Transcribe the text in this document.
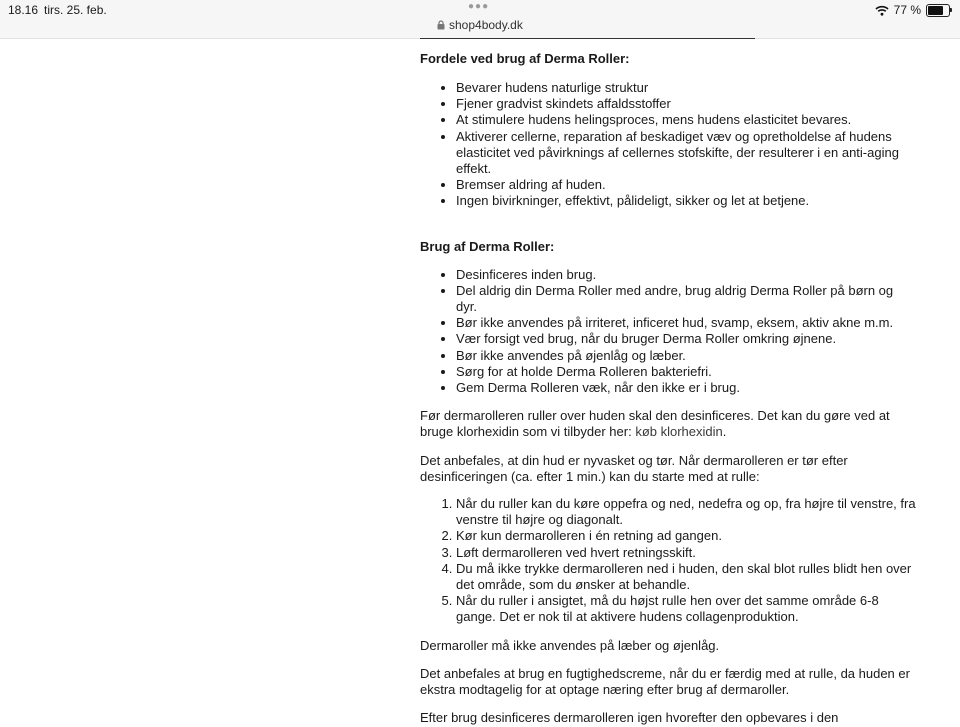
18.16 tirs. 25. feb.	●●●
shop4body.dk
77 %
Fordele ved brug af Derma Roller:
• Bevarer hudens naturlige struktur
• Fjener gradvist skindets affaldsstoffer
• At stimulere hudens helingsproces, mens hudens elasticitet bevares.
• Aktiverer cellerne, reparation af beskadiget væv og opretholdelse af hudens elasticitet ved påvirknings af cellernes stofskifte, der resulterer i en anti-aging effekt.
• Bremser aldring af huden.
• Ingen bivirkninger, effektivt, pålideligt, sikker og let at betjene.
Brug af Derma Roller:
• Desinficeres inden brug.
• Del aldrig din Derma Roller med andre, brug aldrig Derma Roller på børn og dyr.
• Bør ikke anvendes på irriteret, inficeret hud, svamp, eksem, aktiv akne m.m.
• Vær forsigt ved brug, når du bruger Derma Roller omkring øjnene.
• Bør ikke anvendes på øjenlåg og læber.
• Sørg for at holde Derma Rolleren bakteriefri.
• Gem Derma Rolleren væk, når den ikke er i brug.

Før dermarolleren ruller over huden skal den desinficeres. Det kan du gøre ved at bruge klorhexidin som vi tilbyder her: køb klorhexidin.

Det anbefales, at din hud er nyvasket og tør. Når dermarolleren er tør efter desinficeringen (ca. efter 1 min.) kan du starte med at rulle:

1. Når du ruller kan du køre oppefra og ned, nedefra og op, fra højre til venstre, fra venstre til højre og diagonalt.
2. Kør kun dermarolleren i én retning ad gangen.
3. Løft dermarolleren ved hvert retningsskift.
4. Du må ikke trykke dermarolleren ned i huden, den skal blot rulles blidt hen over det område, som du ønsker at behandle.
5. Når du ruller i ansigtet, må du højst rulle hen over det samme område 6-8 gange. Det er nok til at aktivere hudens collagenproduktion.

Dermaroller må ikke anvendes på læber og øjenlåg.

Det anbefales at brug en fugtighedscreme, når du er færdig med at rulle, da huden er ekstra modtagelig for at optage næring efter brug af dermaroller.

Efter brug desinficeres dermarolleren igen hvorefter den opbevares i den
